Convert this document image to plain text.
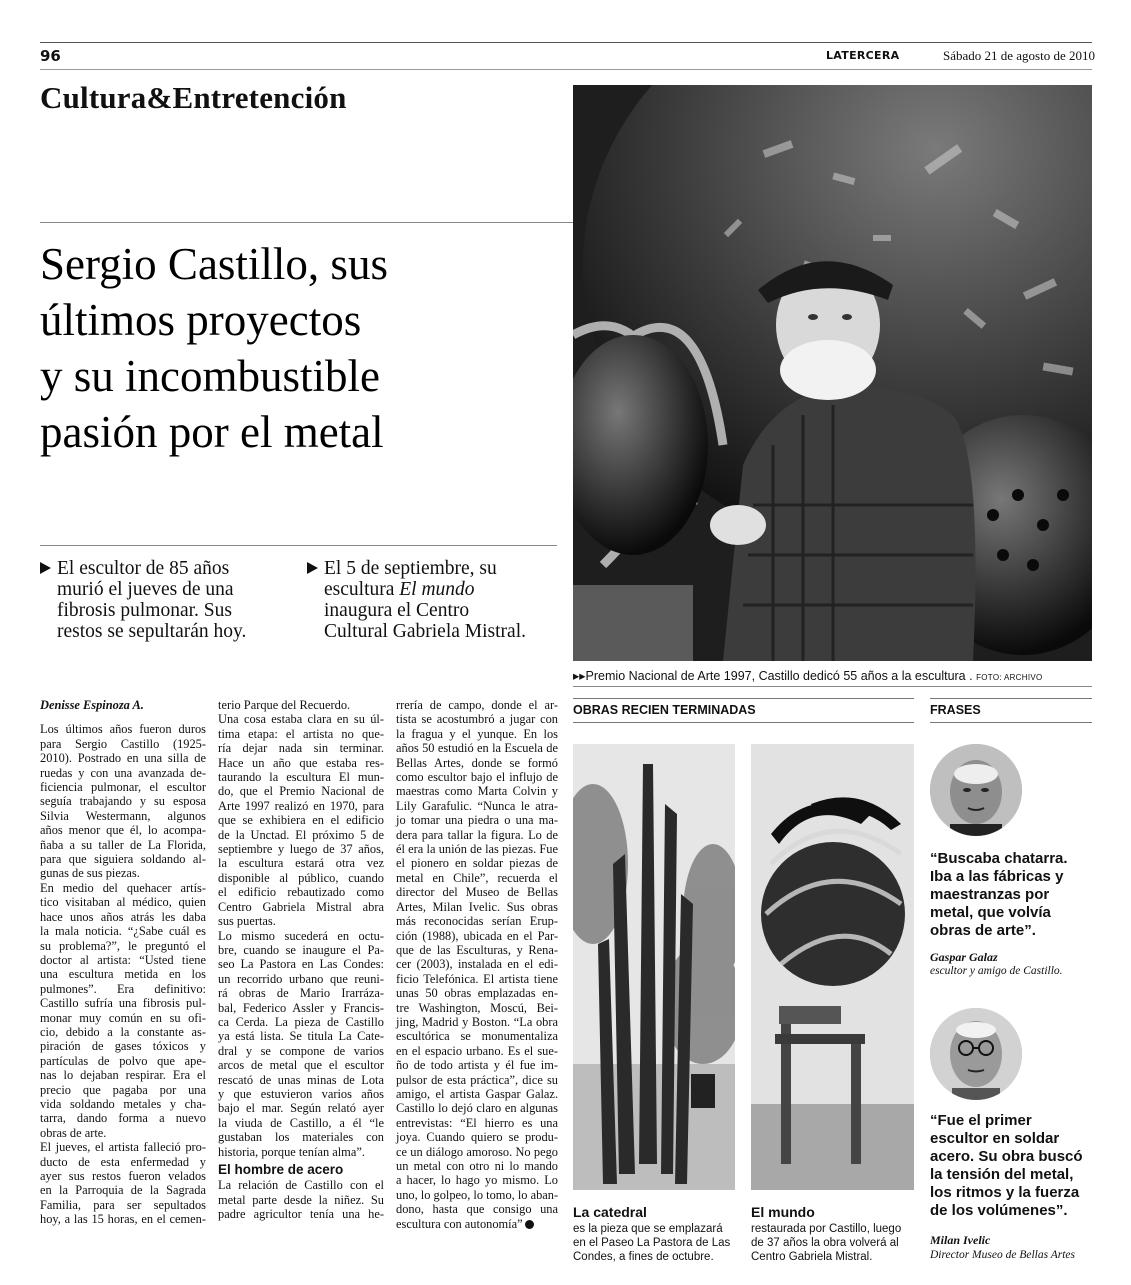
96	LATERCERA	Sábado 21 de agosto de 2010
Cultura&Entretención
Sergio Castillo, sus
últimos proyectos
y su incombustible
pasión por el metal
El escultor de 85 años
murió el jueves de una
fibrosis pulmonar. Sus
restos se sepultarán hoy.
El 5 de septiembre, su
escultura El mundo
inaugura el Centro
Cultural Gabriela Mistral.
▸▸Premio Nacional de Arte 1997, Castillo dedicó 55 años a la escultura . FOTO: ARCHIVO
Denisse Espinoza A.
Los últimos años fueron duros
para Sergio Castillo (1925-
2010). Postrado en una silla de
ruedas y con una avanzada de-
ficiencia pulmonar, el escultor
seguía trabajando y su esposa
Silvia Westermann, algunos
años menor que él, lo acompa-
ñaba a su taller de La Florida,
para que siguiera soldando al-
gunas de sus piezas.
En medio del quehacer artís-
tico visitaban al médico, quien
hace unos años atrás les daba
la mala noticia. “¿Sabe cuál es
su problema?”, le preguntó el
doctor al artista: “Usted tiene
una escultura metida en los
pulmones”. Era definitivo:
Castillo sufría una fibrosis pul-
monar muy común en su ofi-
cio, debido a la constante as-
piración de gases tóxicos y
partículas de polvo que ape-
nas lo dejaban respirar. Era el
precio que pagaba por una
vida soldando metales y cha-
tarra, dando forma a nuevo
obras de arte.
El jueves, el artista falleció pro-
ducto de esta enfermedad y
ayer sus restos fueron velados
en la Parroquia de la Sagrada
Familia, para ser sepultados
hoy, a las 15 horas, en el cemen-
terio Parque del Recuerdo.
Una cosa estaba clara en su úl-
tima etapa: el artista no que-
ría dejar nada sin terminar.
Hace un año que estaba res-
taurando la escultura El mun-
do, que el Premio Nacional de
Arte 1997 realizó en 1970, para
que se exhibiera en el edificio
de la Unctad. El próximo 5 de
septiembre y luego de 37 años,
la escultura estará otra vez
disponible al público, cuando
el edificio rebautizado como
Centro Gabriela Mistral abra
sus puertas.
Lo mismo sucederá en octu-
bre, cuando se inaugure el Pa-
seo La Pastora en Las Condes:
un recorrido urbano que reuni-
rá obras de Mario Irarráza-
bal, Federico Assler y Francis-
ca Cerda. La pieza de Castillo
ya está lista. Se titula La Cate-
dral y se compone de varios
arcos de metal que el escultor
rescató de unas minas de Lota
y que estuvieron varios años
bajo el mar. Según relató ayer
la viuda de Castillo, a él “le
gustaban los materiales con
historia, porque tenían alma”.
El hombre de acero
La relación de Castillo con el
metal parte desde la niñez. Su
padre agricultor tenía una he-
rrería de campo, donde el ar-
tista se acostumbró a jugar con
la fragua y el yunque. En los
años 50 estudió en la Escuela de
Bellas Artes, donde se formó
como escultor bajo el influjo de
maestras como Marta Colvin y
Lily Garafulic. “Nunca le atra-
jo tomar una piedra o una ma-
dera para tallar la figura. Lo de
él era la unión de las piezas. Fue
el pionero en soldar piezas de
metal en Chile”, recuerda el
director del Museo de Bellas
Artes, Milan Ivelic. Sus obras
más reconocidas serían Erup-
ción (1988), ubicada en el Par-
que de las Esculturas, y Rena-
cer (2003), instalada en el edi-
ficio Telefónica. El artista tiene
unas 50 obras emplazadas en-
tre Washington, Moscú, Bei-
jing, Madrid y Boston. “La obra
escultórica se monumentaliza
en el espacio urbano. Es el sue-
ño de todo artista y él fue im-
pulsor de esta práctica”, dice su
amigo, el artista Gaspar Galaz.
Castillo lo dejó claro en algunas
entrevistas: “El hierro es una
joya. Cuando quiero se produ-
ce un diálogo amoroso. No pego
un metal con otro ni lo mando
a hacer, lo hago yo mismo. Lo
uno, lo golpeo, lo tomo, lo aban-
dono, hasta que consigo una
escultura con autonomía”
OBRAS RECIEN TERMINADAS
La catedral
es la pieza que se emplazará
en el Paseo La Pastora de Las
Condes, a fines de octubre.
El mundo
restaurada por Castillo, luego
de 37 años la obra volverá al
Centro Gabriela Mistral.
FRASES
“Buscaba chatarra.
Iba a las fábricas y
maestranzas por
metal, que volvía
obras de arte”.
Gaspar Galaz
escultor y amigo de Castillo.
“Fue el primer
escultor en soldar
acero. Su obra buscó
la tensión del metal,
los ritmos y la fuerza
de los volúmenes”.
Milan Ivelic
Director Museo de Bellas Artes
